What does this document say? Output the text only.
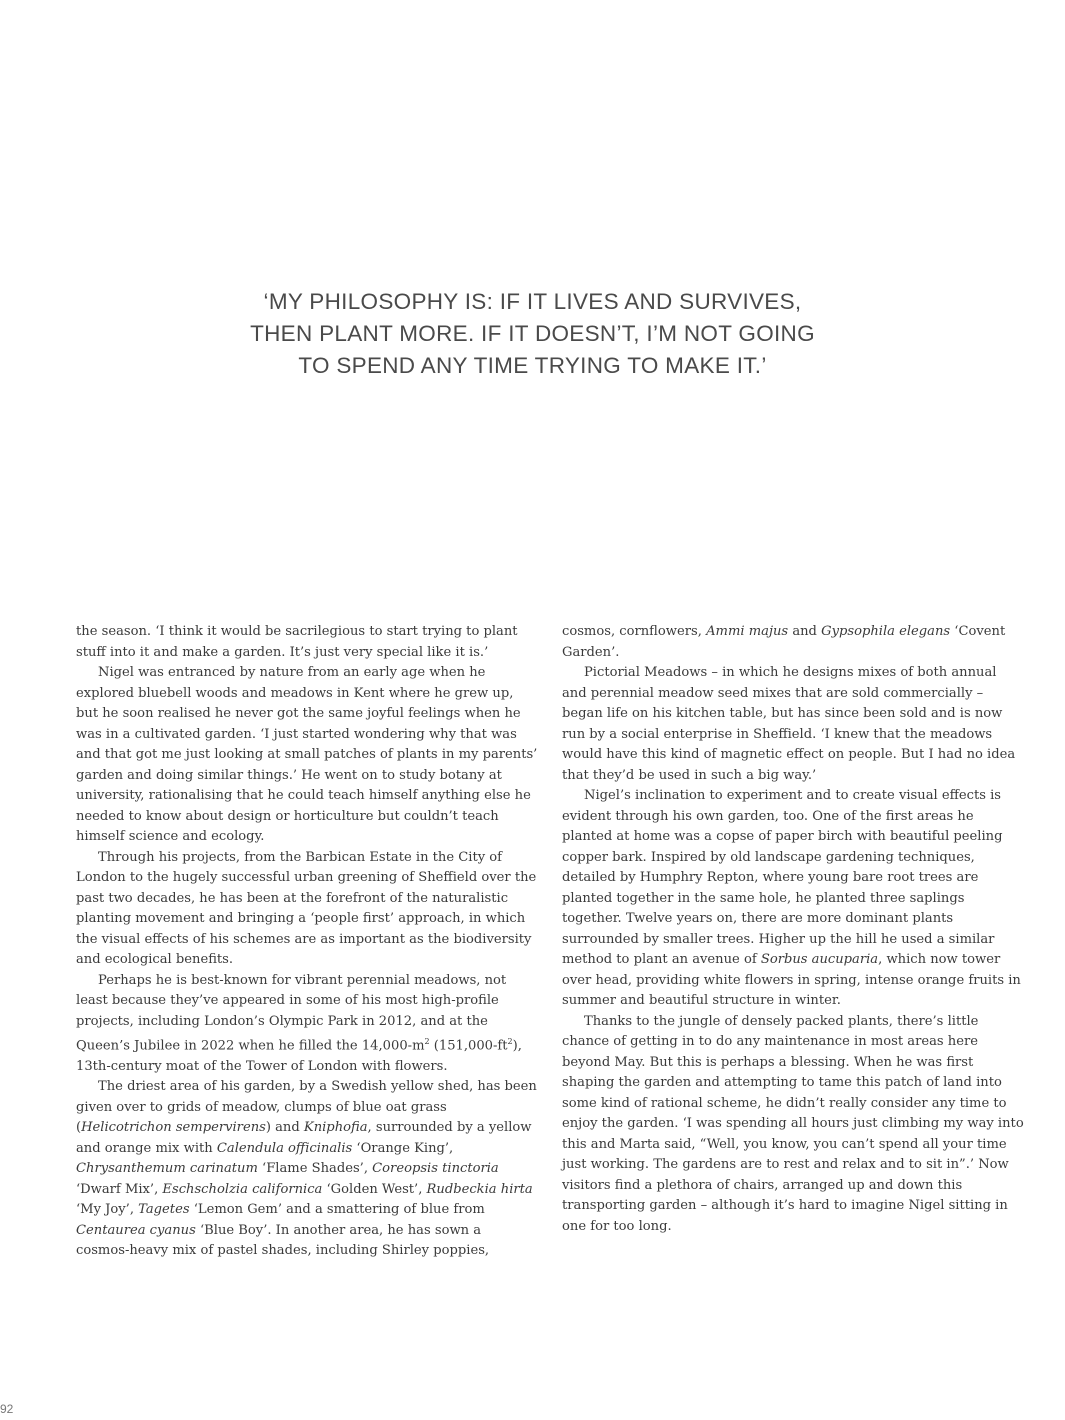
‘MY PHILOSOPHY IS: IF IT LIVES AND SURVIVES,
THEN PLANT MORE. IF IT DOESN’T, I’M NOT GOING
TO SPEND ANY TIME TRYING TO MAKE IT.’

the season. ‘I think it would be sacrilegious to start trying to plant stuff into it and make a garden. It’s just very special like it is.’

Nigel was entranced by nature from an early age when he explored bluebell woods and meadows in Kent where he grew up, but he soon realised he never got the same joyful feelings when he was in a cultivated garden. ‘I just started wondering why that was and that got me just looking at small patches of plants in my parents’ garden and doing similar things.’ He went on to study botany at university, rationalising that he could teach himself anything else he needed to know about design or horticulture but couldn’t teach himself science and ecology.

Through his projects, from the Barbican Estate in the City of London to the hugely successful urban greening of Sheffield over the past two decades, he has been at the forefront of the naturalistic planting movement and bringing a ‘people first’ approach, in which the visual effects of his schemes are as important as the biodiversity and ecological benefits.

Perhaps he is best-known for vibrant perennial meadows, not least because they’ve appeared in some of his most high-profile projects, including London’s Olympic Park in 2012, and at the Queen’s Jubilee in 2022 when he filled the $14,000-m^2$ $(151,000-ft^2)$, 13th-century moat of the Tower of London with flowers.

The driest area of his garden, by a Swedish yellow shed, has been given over to grids of meadow, clumps of blue oat grass (Helicotrichon sempervirens) and Kniphofia, surrounded by a yellow and orange mix with Calendula officinalis ‘Orange King’, Chrysanthemum carinatum ‘Flame Shades’, Coreopsis tinctoria ‘Dwarf Mix’, Eschscholzia californica ‘Golden West’, Rudbeckia hirta ‘My Joy’, Tagetes ‘Lemon Gem’ and a smattering of blue from Centaurea cyanus ‘Blue Boy’. In another area, he has sown a cosmos-heavy mix of pastel shades, including Shirley poppies,

cosmos, cornflowers, Ammi majus and Gypsophila elegans ‘Covent Garden’.

Pictorial Meadows – in which he designs mixes of both annual and perennial meadow seed mixes that are sold commercially – began life on his kitchen table, but has since been sold and is now run by a social enterprise in Sheffield. ‘I knew that the meadows would have this kind of magnetic effect on people. But I had no idea that they’d be used in such a big way.’

Nigel’s inclination to experiment and to create visual effects is evident through his own garden, too. One of the first areas he planted at home was a copse of paper birch with beautiful peeling copper bark. Inspired by old landscape gardening techniques, detailed by Humphry Repton, where young bare root trees are planted together in the same hole, he planted three saplings together. Twelve years on, there are more dominant plants surrounded by smaller trees. Higher up the hill he used a similar method to plant an avenue of Sorbus aucuparia, which now tower over head, providing white flowers in spring, intense orange fruits in summer and beautiful structure in winter.

Thanks to the jungle of densely packed plants, there’s little chance of getting in to do any maintenance in most areas here beyond May. But this is perhaps a blessing. When he was first shaping the garden and attempting to tame this patch of land into some kind of rational scheme, he didn’t really consider any time to enjoy the garden. ‘I was spending all hours just climbing my way into this and Marta said, “Well, you know, you can’t spend all your time just working. The gardens are to rest and relax and to sit in”.’ Now visitors find a plethora of chairs, arranged up and down this transporting garden – although it’s hard to imagine Nigel sitting in one for too long.

92
